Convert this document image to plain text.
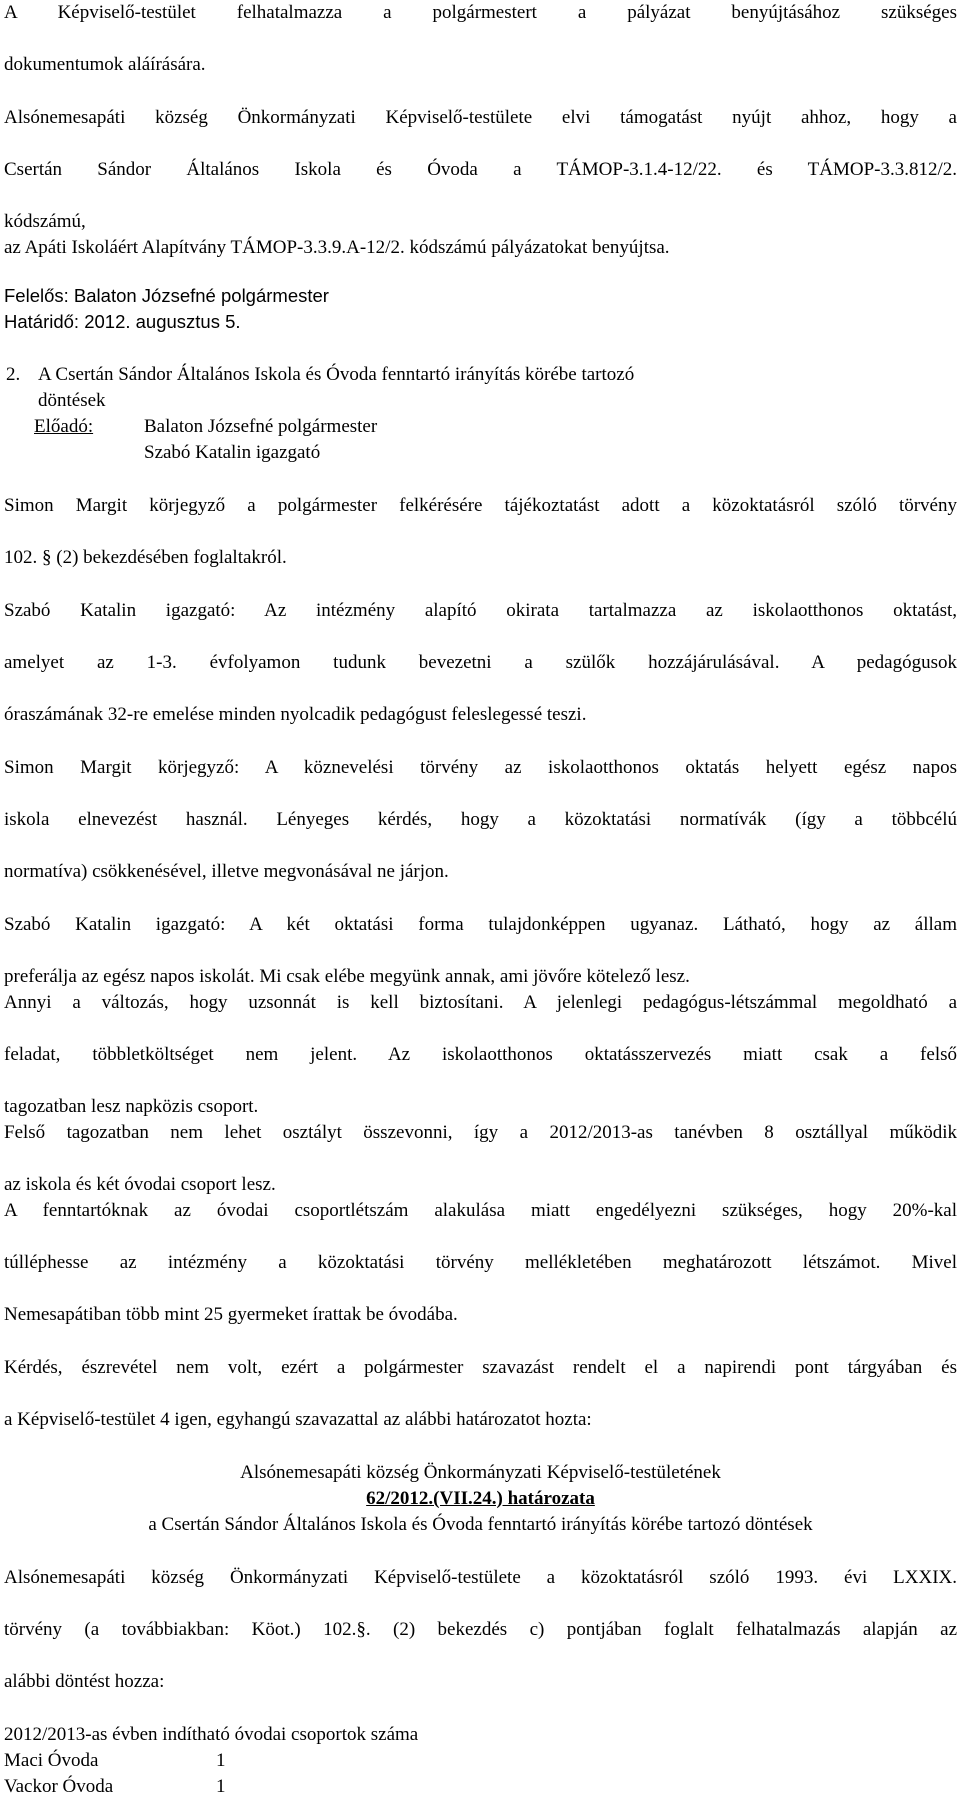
A Képviselő-testület felhatalmazza a polgármestert a pályázat benyújtásához szükséges

dokumentumok aláírására.

Alsónemesapáti község Önkormányzati Képviselő-testülete elvi támogatást nyújt ahhoz, hogy a

Csertán Sándor Általános Iskola és Óvoda a TÁMOP-3.1.4-12/22. és TÁMOP-3.3.812/2.

kódszámú,

az Apáti Iskoláért Alapítvány TÁMOP-3.3.9.A-12/2. kódszámú pályázatokat benyújtsa.

Felelős: Balaton Józsefné polgármester

Határidő: 2012. augusztus 5.

2. A Csertán Sándor Általános Iskola és Óvoda fenntartó irányítás körébe tartozó

döntések

Előadó:	Balaton Józsefné polgármester
Szabó Katalin igazgató

Simon Margit körjegyző a polgármester felkérésére tájékoztatást adott a közoktatásról szóló törvény

102. § (2) bekezdésében foglaltakról.

Szabó Katalin igazgató: Az intézmény alapító okirata tartalmazza az iskolaotthonos oktatást,

amelyet az 1-3. évfolyamon tudunk bevezetni a szülők hozzájárulásával. A pedagógusok

óraszámának 32-re emelése minden nyolcadik pedagógust feleslegessé teszi.

Simon Margit körjegyző: A köznevelési törvény az iskolaotthonos oktatás helyett egész napos

iskola elnevezést használ. Lényeges kérdés, hogy a közoktatási normatívák (így a többcélú

normatíva) csökkenésével, illetve megvonásával ne járjon.

Szabó Katalin igazgató: A két oktatási forma tulajdonképpen ugyanaz. Látható, hogy az állam

preferálja az egész napos iskolát. Mi csak elébe megyünk annak, ami jövőre kötelező lesz.

Annyi a változás, hogy uzsonnát is kell biztosítani. A jelenlegi pedagógus-létszámmal megoldható a

feladat, többletköltséget nem jelent. Az iskolaotthonos oktatásszervezés miatt csak a felső

tagozatban lesz napközis csoport.

Felső tagozatban nem lehet osztályt összevonni, így a 2012/2013-as tanévben 8 osztállyal működik

az iskola és két óvodai csoport lesz.

A fenntartóknak az óvodai csoportlétszám alakulása miatt engedélyezni szükséges, hogy 20%-kal

túlléphesse az intézmény a közoktatási törvény mellékletében meghatározott létszámot. Mivel

Nemesapátiban több mint 25 gyermeket írattak be óvodába.

Kérdés, észrevétel nem volt, ezért a polgármester szavazást rendelt el a napirendi pont tárgyában és

a Képviselő-testület 4 igen, egyhangú szavazattal az alábbi határozatot hozta:

Alsónemesapáti község Önkormányzati Képviselő-testületének
62/2012.(VII.24.) határozata
a Csertán Sándor Általános Iskola és Óvoda fenntartó irányítás körébe tartozó döntések

Alsónemesapáti község Önkormányzati Képviselő-testülete a közoktatásról szóló 1993. évi LXXIX.

törvény (a továbbiakban: Köot.) 102.§. (2) bekezdés c) pontjában foglalt felhatalmazás alapján az

alábbi döntést hozza:

2012/2013-as évben indítható óvodai csoportok száma

Maci Óvoda	1
Vackor Óvoda	1
